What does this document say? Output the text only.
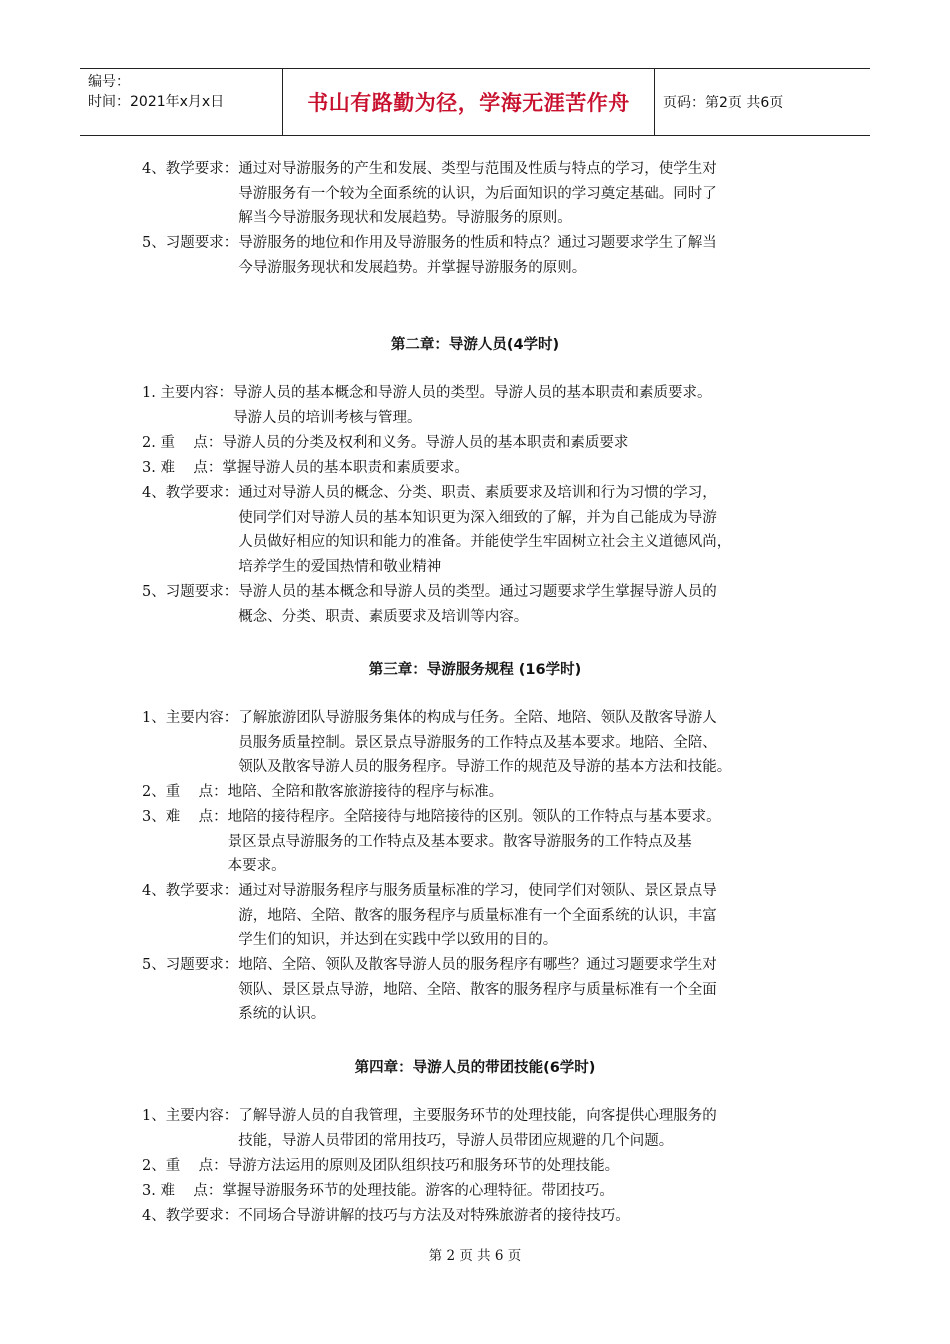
编号：
时间：2021年x月x日	书山有路勤为径，学海无涯苦作舟	页码：第2页 共6页
4、教学要求： 通过对导游服务的产生和发展、类型与范围及性质与特点的学习，使学生对
导游服务有一个较为全面系统的认识，为后面知识的学习奠定基础。同时了
解当今导游服务现状和发展趋势。导游服务的原则。
5、习题要求： 导游服务的地位和作用及导游服务的性质和特点？通过习题要求学生了解当
今导游服务现状和发展趋势。并掌握导游服务的原则。
第二章：导游人员(4学时)
1. 主要内容： 导游人员的基本概念和导游人员的类型。导游人员的基本职责和素质要求。
导游人员的培训考核与管理。
2. 重    点： 导游人员的分类及权利和义务。导游人员的基本职责和素质要求
3. 难    点： 掌握导游人员的基本职责和素质要求。
4、教学要求： 通过对导游人员的概念、分类、职责、素质要求及培训和行为习惯的学习，
使同学们对导游人员的基本知识更为深入细致的了解，并为自己能成为导游
人员做好相应的知识和能力的准备。并能使学生牢固树立社会主义道德风尚，
培养学生的爱国热情和敬业精神
5、习题要求： 导游人员的基本概念和导游人员的类型。通过习题要求学生掌握导游人员的
概念、分类、职责、素质要求及培训等内容。
第三章：导游服务规程 (16学时)
1、主要内容： 了解旅游团队导游服务集体的构成与任务。全陪、地陪、领队及散客导游人
员服务质量控制。景区景点导游服务的工作特点及基本要求。地陪、全陪、
领队及散客导游人员的服务程序。导游工作的规范及导游的基本方法和技能。
2、重    点： 地陪、全陪和散客旅游接待的程序与标准。
3、难    点： 地陪的接待程序。全陪接待与地陪接待的区别。领队的工作特点与基本要求。
景区景点导游服务的工作特点及基本要求。散客导游服务的工作特点及基
本要求。
4、教学要求： 通过对导游服务程序与服务质量标准的学习，使同学们对领队、景区景点导
游，地陪、全陪、散客的服务程序与质量标准有一个全面系统的认识，丰富
学生们的知识，并达到在实践中学以致用的目的。
5、习题要求： 地陪、全陪、领队及散客导游人员的服务程序有哪些？通过习题要求学生对
领队、景区景点导游，地陪、全陪、散客的服务程序与质量标准有一个全面
系统的认识。
第四章：导游人员的带团技能(6学时)
1、主要内容： 了解导游人员的自我管理，主要服务环节的处理技能，向客提供心理服务的
技能，导游人员带团的常用技巧，导游人员带团应规避的几个问题。
2、重    点： 导游方法运用的原则及团队组织技巧和服务环节的处理技能。
3. 难    点： 掌握导游服务环节的处理技能。游客的心理特征。带团技巧。
4、教学要求： 不同场合导游讲解的技巧与方法及对特殊旅游者的接待技巧。
第 2 页 共 6 页
